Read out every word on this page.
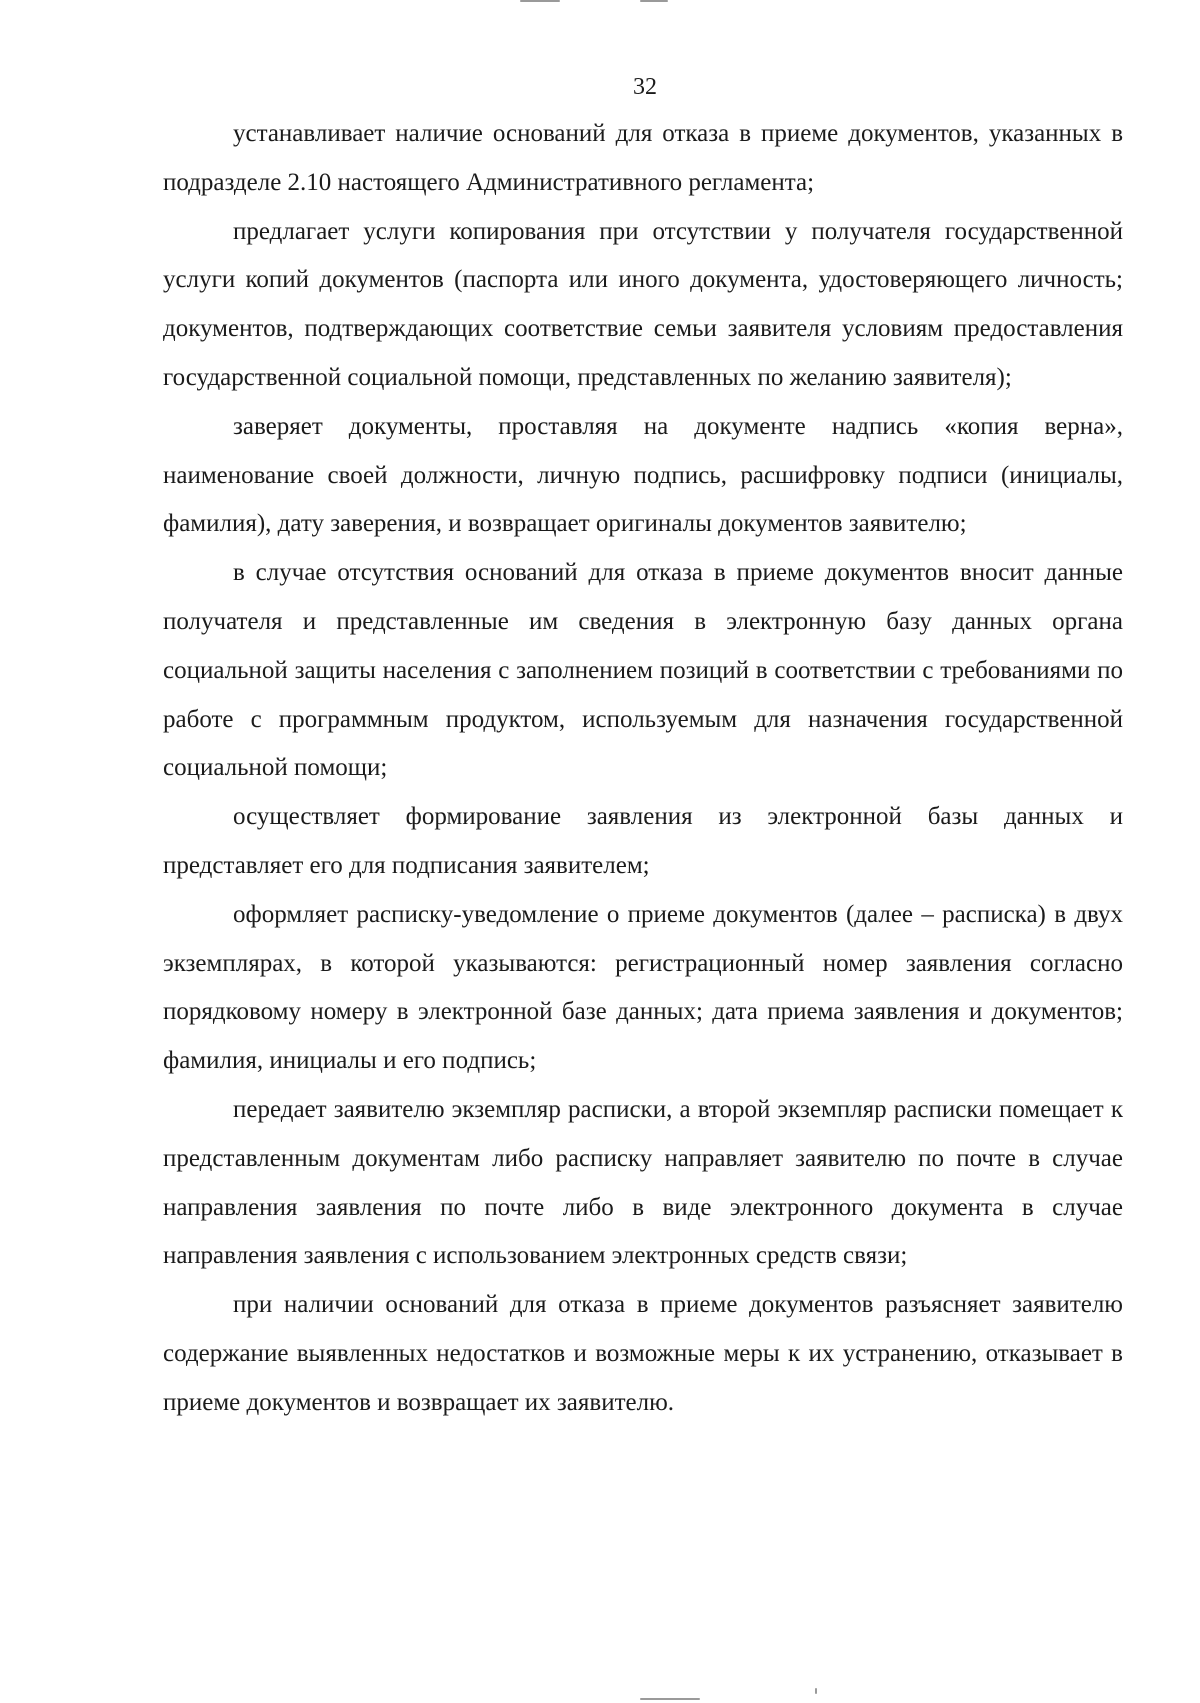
32

устанавливает наличие оснований для отказа в приеме документов, указанных в подразделе 2.10 настоящего Административного регламента;

предлагает услуги копирования при отсутствии у получателя государственной услуги копий документов (паспорта или иного документа, удостоверяющего личность; документов, подтверждающих соответствие семьи заявителя условиям предоставления государственной социальной помощи, представленных по желанию заявителя);

заверяет документы, проставляя на документе надпись «копия верна», наименование своей должности, личную подпись, расшифровку подписи (инициалы, фамилия), дату заверения, и возвращает оригиналы документов заявителю;

в случае отсутствия оснований для отказа в приеме документов вносит данные получателя и представленные им сведения в электронную базу данных органа социальной защиты населения с заполнением позиций в соответствии с требованиями по работе с программным продуктом, используемым для назначения государственной социальной помощи;

осуществляет формирование заявления из электронной базы данных и представляет его для подписания заявителем;

оформляет расписку-уведомление о приеме документов (далее – расписка) в двух экземплярах, в которой указываются: регистрационный номер заявления согласно порядковому номеру в электронной базе данных; дата приема заявления и документов; фамилия, инициалы и его подпись;

передает заявителю экземпляр расписки, а второй экземпляр расписки помещает к представленным документам либо расписку направляет заявителю по почте в случае направления заявления по почте либо в виде электронного документа в случае направления заявления с использованием электронных средств связи;

при наличии оснований для отказа в приеме документов разъясняет заявителю содержание выявленных недостатков и возможные меры к их устранению, отказывает в приеме документов и возвращает их заявителю.
